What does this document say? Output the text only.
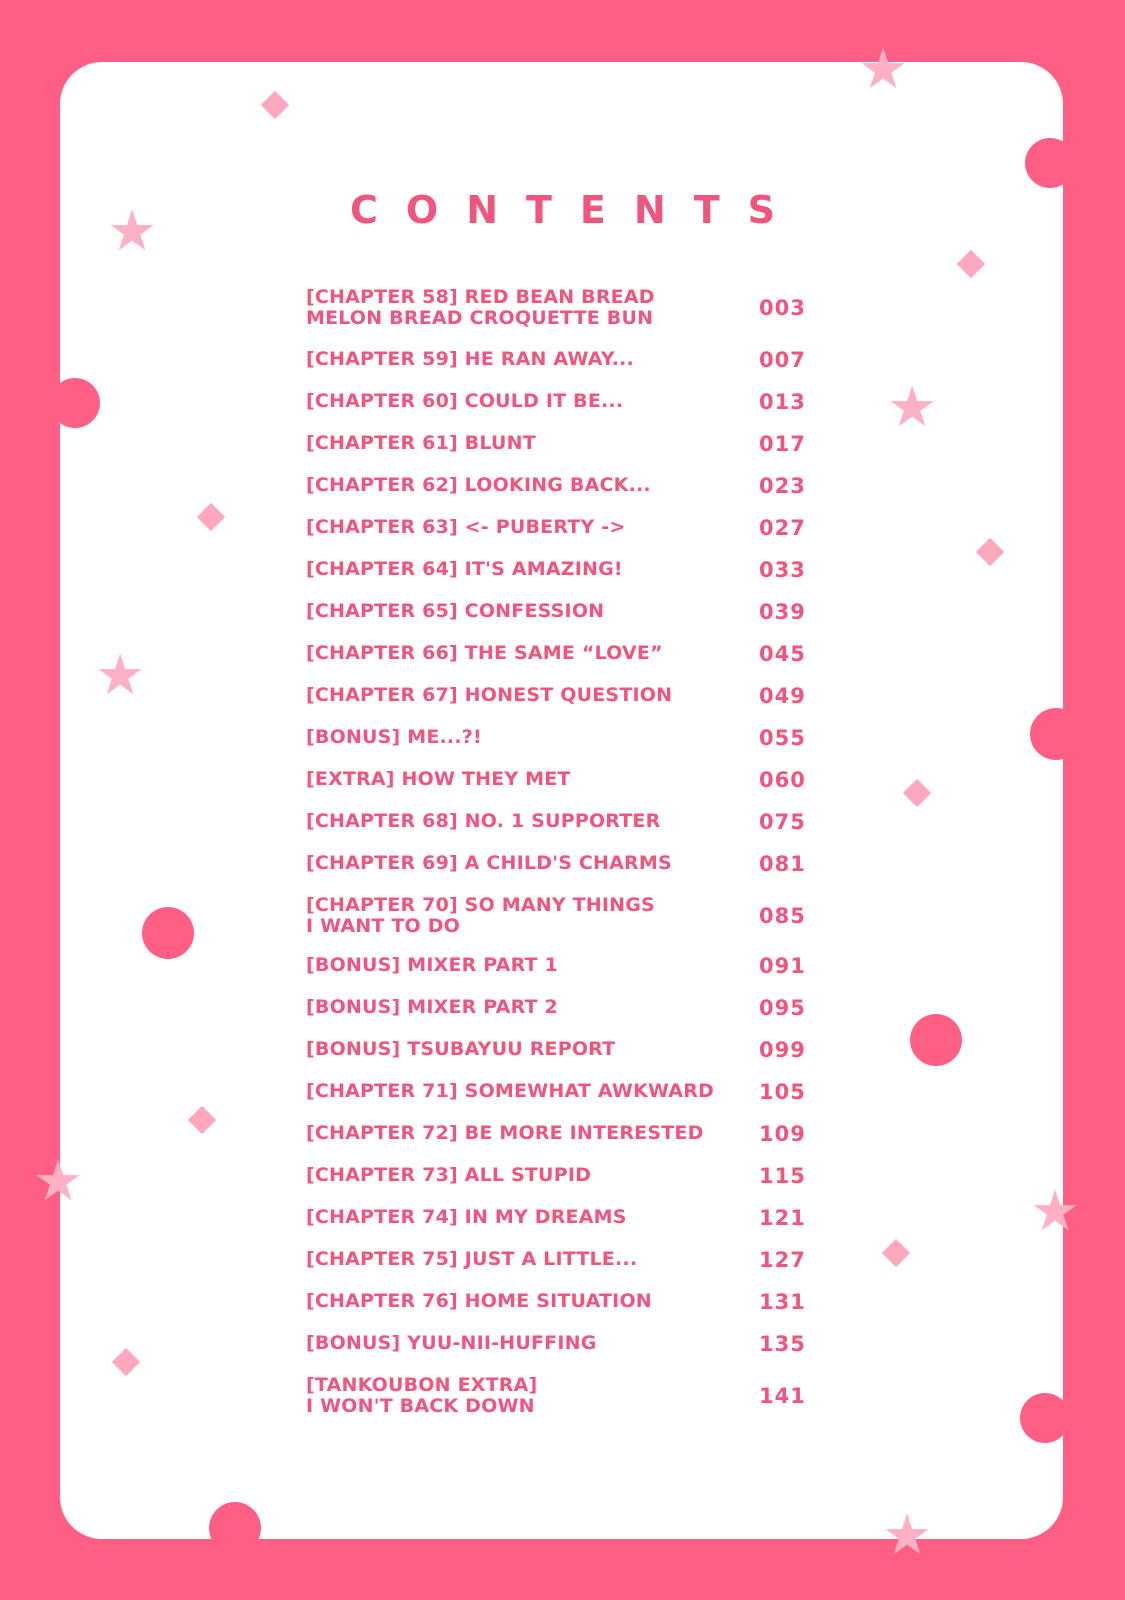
★
★
★
★
★	★
★
CONTENTS
[CHAPTER 58] RED BEAN BREAD
MELON BREAD CROQUETTE BUN	003
[CHAPTER 59] HE RAN AWAY...	007
[CHAPTER 60] COULD IT BE...	013
[CHAPTER 61] BLUNT	017
[CHAPTER 62] LOOKING BACK...	023
[CHAPTER 63] <- PUBERTY ->	027
[CHAPTER 64] IT'S AMAZING!	033
[CHAPTER 65] CONFESSION	039
[CHAPTER 66] THE SAME “LOVE”	045
[CHAPTER 67] HONEST QUESTION	049
[BONUS] ME...?!	055
[EXTRA] HOW THEY MET	060
[CHAPTER 68] NO. 1 SUPPORTER	075
[CHAPTER 69] A CHILD'S CHARMS	081
[CHAPTER 70] SO MANY THINGS
I WANT TO DO	085
[BONUS] MIXER PART 1	091
[BONUS] MIXER PART 2	095
[BONUS] TSUBAYUU REPORT	099
[CHAPTER 71] SOMEWHAT AWKWARD	105
[CHAPTER 72] BE MORE INTERESTED	109
[CHAPTER 73] ALL STUPID	115
[CHAPTER 74] IN MY DREAMS	121
[CHAPTER 75] JUST A LITTLE...	127
[CHAPTER 76] HOME SITUATION	131
[BONUS] YUU-NII-HUFFING	135
[TANKOUBON EXTRA]
I WON'T BACK DOWN	141
